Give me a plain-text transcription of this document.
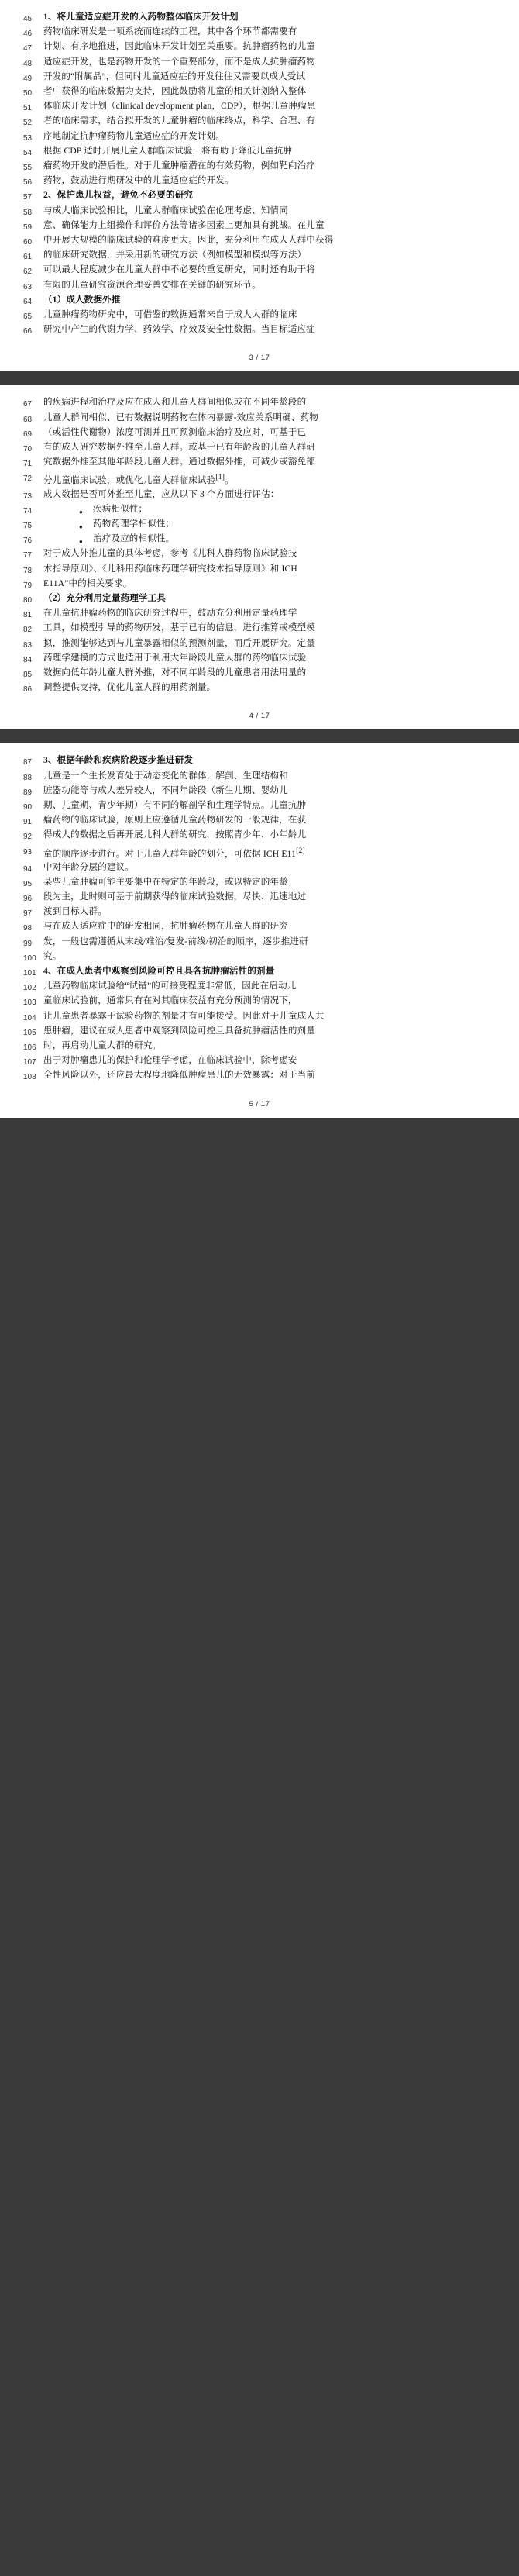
45	1、将儿童适应症开发的入药物整体临床开发计划
46	药物临床研发是一项系统而连续的工程，其中各个环节都需要有
47	计划、有序地推进，因此临床开发计划至关重要。抗肿瘤药物的儿童
48	适应症开发，也是药物开发的一个重要部分，而不是成人抗肿瘤药物
49	开发的“附属品”，但同时儿童适应症的开发往往又需要以成人受试
50	者中获得的临床数据为支持，因此鼓励将儿童的相关计划纳入整体
51	体临床开发计划（clinical development plan，CDP），根据儿童肿瘤患
52	者的临床需求，结合拟开发的儿童肿瘤的临床终点，科学、合理、有
53	序地制定抗肿瘤药物儿童适应症的开发计划。
54	根据 CDP 适时开展儿童人群临床试验，将有助于降低儿童抗肿
55	瘤药物开发的潜后性。对于儿童肿瘤潜在的有效药物，例如靶向治疗
56	药物，鼓励进行期研发中的儿童适应症的开发。
57	2、保护患儿权益，避免不必要的研究
58	与成人临床试验相比，儿童人群临床试验在伦理考虑、知情同
59	意、确保能力上组操作和评价方法等诸多因素上更加具有挑战。在儿童
60	中开展大规模的临床试验的难度更大。因此，充分利用在成人人群中获得
61	的临床研究数据，并采用新的研究方法（例如模型和模拟等方法）
62	可以最大程度减少在儿童人群中不必要的重复研究，同时还有助于将
63	有限的儿童研究资源合理妥善安排在关键的研究环节。
64	（1）成人数据外推
65	儿童肿瘤药物研究中，可借鉴的数据通常来自于成人人群的临床
66	研究中产生的代谢力学、药效学、疗效及安全性数据。当目标适应症
3 / 17
67	的疾病进程和治疗及应在成人和儿童人群间相似或在不同年龄段的
68	儿童人群间相似、已有数据说明药物在体内暴露-效应关系明确、药物
69	（或活性代谢物）浓度可测并且可预测临床治疗及应时，可基于已
70	有的成人研究数据外推至儿童人群。或基于已有年龄段的儿童人群研
71	究数据外推至其他年龄段儿童人群。通过数据外推，可减少或豁免部
72	分儿童临床试验，或优化儿童人群临床试验[1]。
73	成人数据是否可外推至儿童，应从以下 3 个方面进行评估：
74	● 疾病相似性；
75	● 药物药理学相似性；
76	● 治疗及应的相似性。
77	对于成人外推儿童的具体考虑，参考《儿科人群药物临床试验技
78	术指导原则》、《儿科用药临床药理学研究技术指导原则》和 ICH
79	E11A”中的相关要求。
80	（2）充分利用定量药理学工具
81	在儿童抗肿瘤药物的临床研究过程中，鼓励充分利用定量药理学
82	工具，如模型引导的药物研发，基于已有的信息，进行推算或模型模
83	拟，推测能够达到与儿童暴露相似的预测剂量，而后开展研究。定量
84	药理学建模的方式也适用于利用大年龄段儿童人群的药物临床试验
85	数据向低年龄儿童人群外推，对不同年龄段的儿童患者用法用量的
86	调整提供支持，优化儿童人群的用药剂量。
4 / 17
87	3、根据年龄和疾病阶段逐步推进研发
88	儿童是一个生长发育处于动态变化的群体，解剖、生理结构和
89	脏器功能等与成人差异较大，不同年龄段（新生儿期、婴幼儿
90	期、儿童期、青少年期）有不同的解剖学和生理学特点。儿童抗肿
91	瘤药物的临床试验，原则上应遵循儿童药物研发的一般规律，在获
92	得成人的数据之后再开展儿科人群的研究，按照青少年、小年龄儿
93	童的顺序逐步进行。对于儿童人群年龄的划分，可依据 ICH E11[2]
94	中对年龄分层的建议。
95	某些儿童肿瘤可能主要集中在特定的年龄段，或以特定的年龄
96	段为主，此时则可基于前期获得的临床试验数据，尽快、迅速地过
97	渡到目标人群。
98	与在成人适应症中的研发相同，抗肿瘤药物在儿童人群的研究
99	发，一般也需遵循从末线/难治/复发-前线/初治的顺序，逐步推进研
100 究。
101 4、在成人患者中观察到风险可控且具各抗肿瘤活性的剂量
102 儿童药物临床试验给“试错”的可接受程度非常低，因此在启动儿
103 童临床试验前，通常只有在对其临床获益有充分预测的情况下，
104 让儿童患者暴露于试验药物的剂量才有可能接受。因此对于儿童成人共
105 患肿瘤，建议在成人患者中观察到风险可控且具备抗肿瘤活性的剂量
106 时，再启动儿童人群的研究。
107 出于对肿瘤患儿的保护和伦理学考虑，在临床试验中，除考虑安
108 全性风险以外，还应最大程度地降低肿瘤患儿的无效暴露：对于当前
5 / 17
